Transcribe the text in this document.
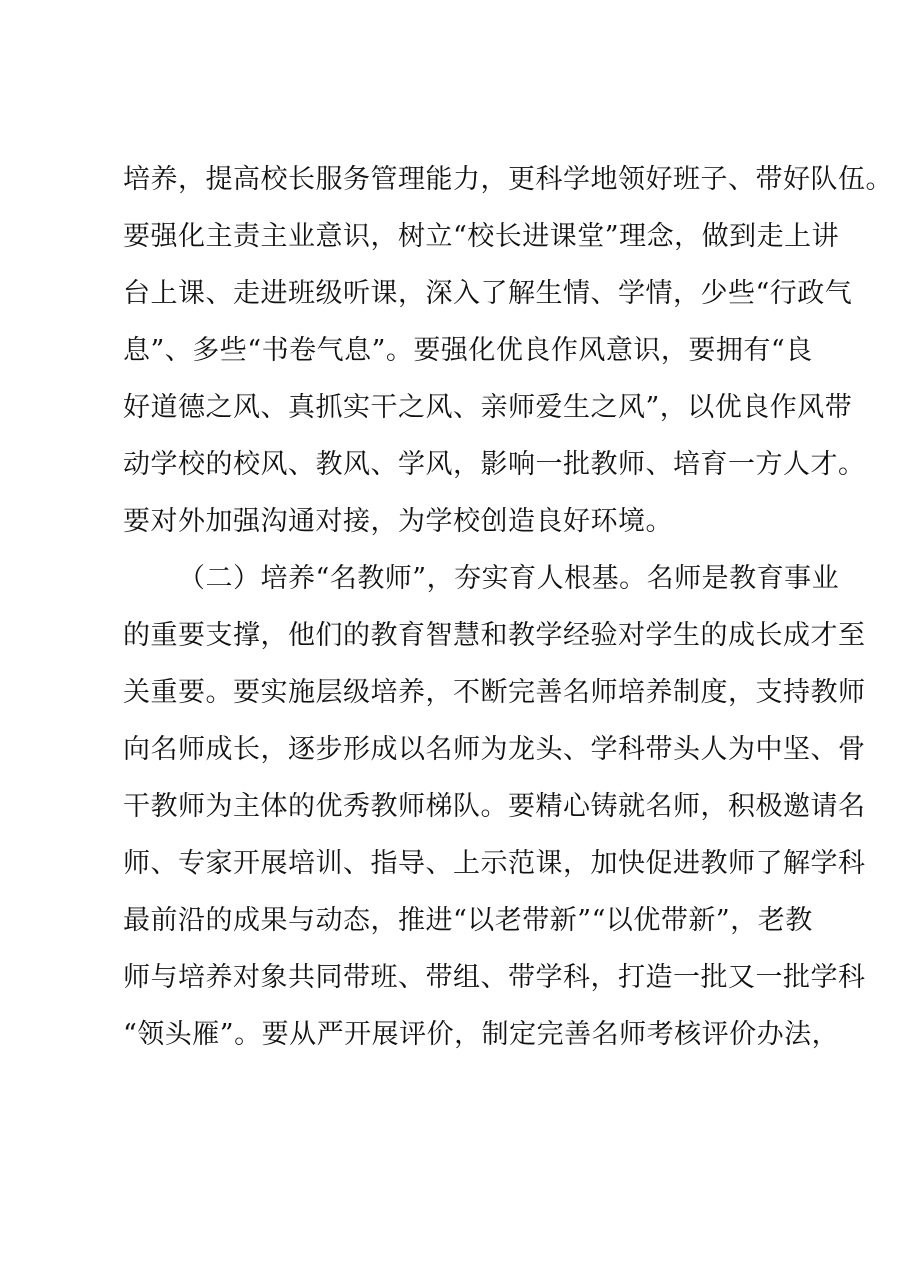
培养，提高校长服务管理能力，更科学地领好班子、带好队伍。
要强化主责主业意识，树立“校长进课堂”理念，做到走上讲
台上课、走进班级听课，深入了解生情、学情，少些“行政气
息”、多些“书卷气息”。要强化优良作风意识，要拥有“良
好道德之风、真抓实干之风、亲师爱生之风”，以优良作风带
动学校的校风、教风、学风，影响一批教师、培育一方人才。
要对外加强沟通对接，为学校创造良好环境。
（二）培养“名教师”，夯实育人根基。名师是教育事业
的重要支撑，他们的教育智慧和教学经验对学生的成长成才至
关重要。要实施层级培养，不断完善名师培养制度，支持教师
向名师成长，逐步形成以名师为龙头、学科带头人为中坚、骨
干教师为主体的优秀教师梯队。要精心铸就名师，积极邀请名
师、专家开展培训、指导、上示范课，加快促进教师了解学科
最前沿的成果与动态，推进“以老带新”“以优带新”，老教
师与培养对象共同带班、带组、带学科，打造一批又一批学科
“领头雁”。要从严开展评价，制定完善名师考核评价办法，
